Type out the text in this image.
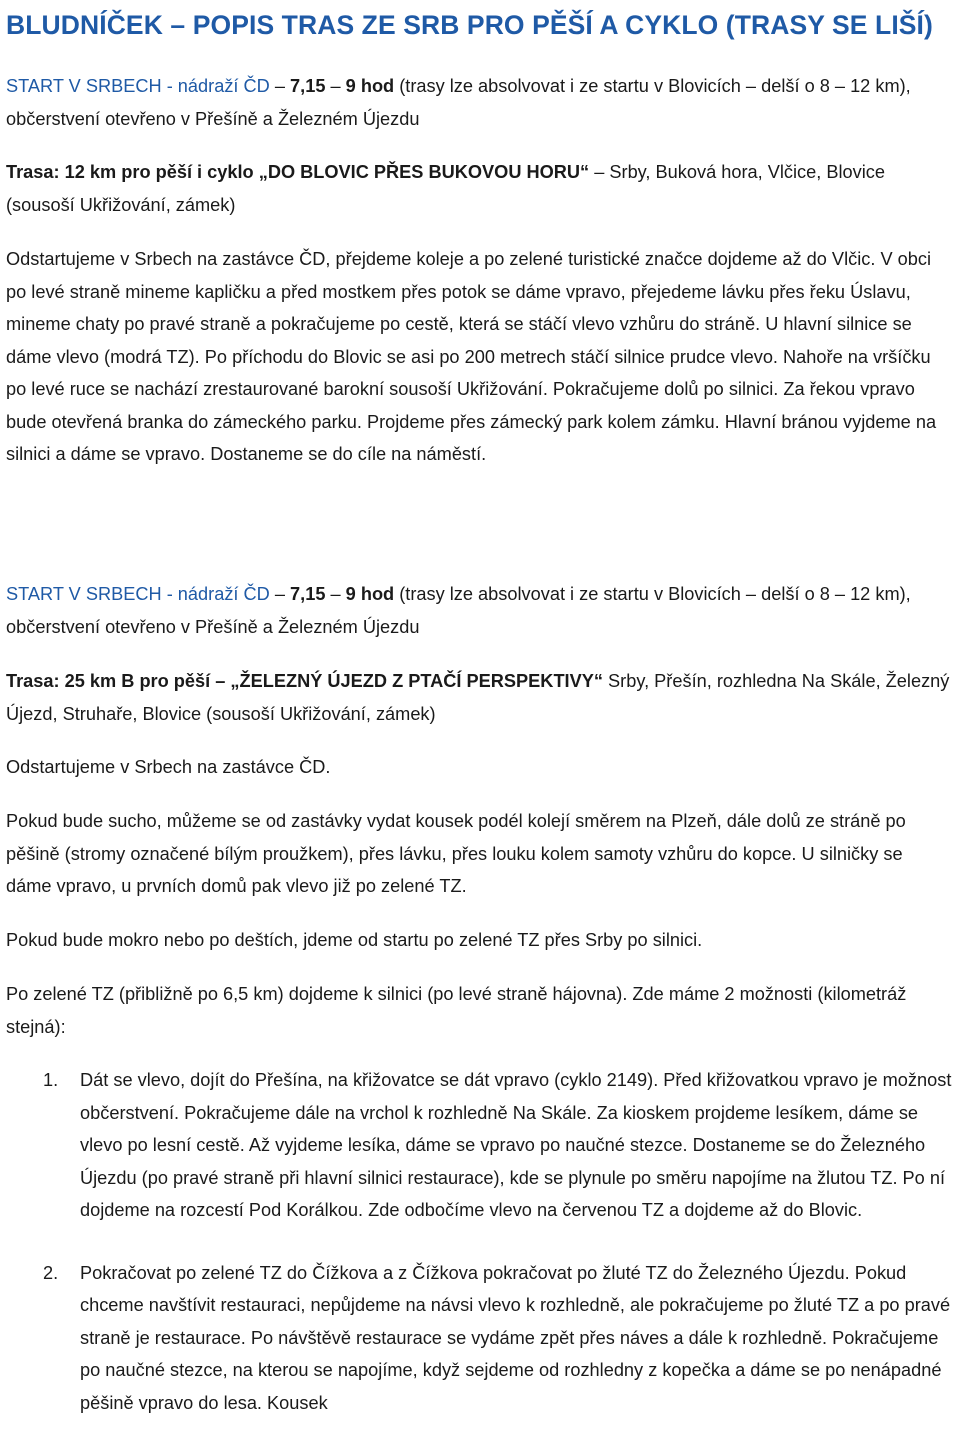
BLUDNÍČEK – POPIS TRAS ZE SRB PRO PĚŠÍ A CYKLO (TRASY SE LIŠÍ)
START V SRBECH - nádraží ČD – 7,15 – 9 hod (trasy lze absolvovat i ze startu v Blovicích – delší o 8 – 12 km), občerstvení otevřeno v Přešíně a Železném Újezdu
Trasa: 12 km pro pěší i cyklo „DO BLOVIC PŘES BUKOVOU HORU“ – Srby, Buková hora, Vlčice, Blovice (sousoší Ukřižování, zámek)
Odstartujeme v Srbech na zastávce ČD, přejdeme koleje a po zelené turistické značce dojdeme až do Vlčic. V obci po levé straně mineme kapličku a před mostkem přes potok se dáme vpravo, přejedeme lávku přes řeku Úslavu, mineme chaty po pravé straně a pokračujeme po cestě, která se stáčí vlevo vzhůru do stráně. U hlavní silnice se dáme vlevo (modrá TZ). Po příchodu do Blovic se asi po 200 metrech stáčí silnice prudce vlevo. Nahoře na vršíčku po levé ruce se nachází zrestaurované barokní sousoší Ukřižování. Pokračujeme dolů po silnici. Za řekou vpravo bude otevřená branka do zámeckého parku. Projdeme přes zámecký park kolem zámku. Hlavní bránou vyjdeme na silnici a dáme se vpravo. Dostaneme se do cíle na náměstí.
START V SRBECH - nádraží ČD – 7,15 – 9 hod (trasy lze absolvovat i ze startu v Blovicích – delší o 8 – 12 km), občerstvení otevřeno v Přešíně a Železném Újezdu
Trasa: 25 km B pro pěší – „ŽELEZNÝ ÚJEZD Z PTAČÍ PERSPEKTIVY“ Srby, Přešín, rozhledna Na Skále, Železný Újezd, Struhaře, Blovice (sousoší Ukřižování, zámek)
Odstartujeme v Srbech na zastávce ČD.
Pokud bude sucho, můžeme se od zastávky vydat kousek podél kolejí směrem na Plzeň, dále dolů ze stráně po pěšině (stromy označené bílým proužkem), přes lávku, přes louku kolem samoty vzhůru do kopce. U silničky se dáme vpravo, u prvních domů pak vlevo již po zelené TZ.
Pokud bude mokro nebo po deštích, jdeme od startu po zelené TZ přes Srby po silnici.
Po zelené TZ (přibližně po 6,5 km) dojdeme k silnici (po levé straně hájovna). Zde máme 2 možnosti (kilometráž stejná):
1. Dát se vlevo, dojít do Přešína, na křižovatce se dát vpravo (cyklo 2149). Před křižovatkou vpravo je možnost občerstvení. Pokračujeme dále na vrchol k rozhledně Na Skále. Za kioskem projdeme lesíkem, dáme se vlevo po lesní cestě. Až vyjdeme lesíka, dáme se vpravo po naučné stezce. Dostaneme se do Železného Újezdu (po pravé straně při hlavní silnici restaurace), kde se plynule po směru napojíme na žlutou TZ. Po ní dojdeme na rozcestí Pod Korálkou. Zde odbočíme vlevo na červenou TZ a dojdeme až do Blovic.
2. Pokračovat po zelené TZ do Čížkova a z Čížkova pokračovat po žluté TZ do Železného Újezdu. Pokud chceme navštívit restauraci, nepůjdeme na návsi vlevo k rozhledně, ale pokračujeme po žluté TZ a po pravé straně je restaurace. Po návštěvě restaurace se vydáme zpět přes náves a dále k rozhledně. Pokračujeme po naučné stezce, na kterou se napojíme, když sejdeme od rozhledny z kopečka a dáme se po nenápadné pěšině vpravo do lesa. Kousek
